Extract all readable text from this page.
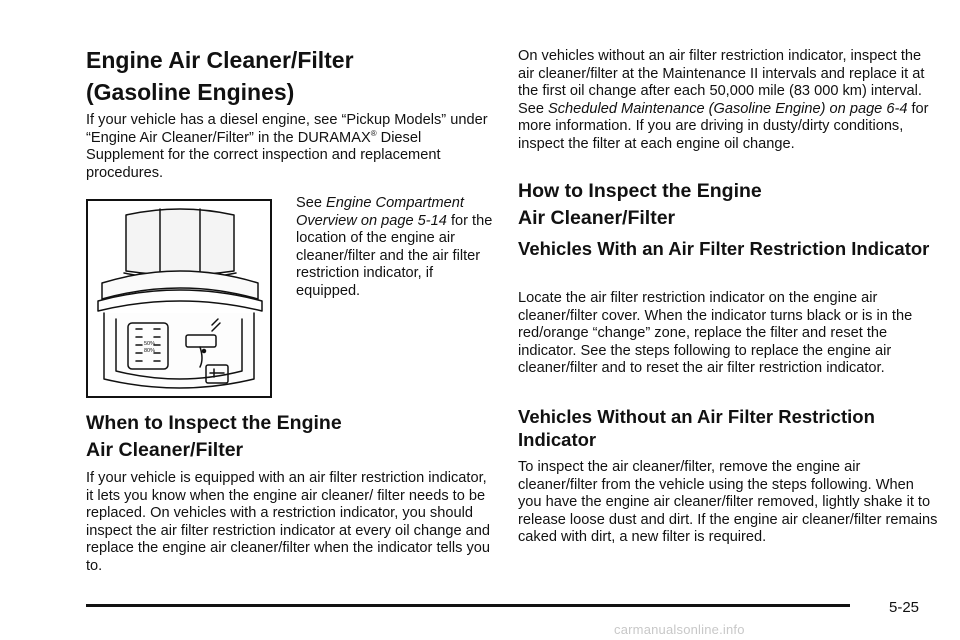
Engine Air Cleaner/Filter
(Gasoline Engines)

If your vehicle has a diesel engine, see “Pickup Models” under “Engine Air Cleaner/Filter” in the DURAMAX® Diesel Supplement for the correct inspection and replacement procedures.

See Engine Compartment Overview on page 5-14 for the location of the engine air cleaner/filter and the air filter restriction indicator, if equipped.

50%
80%
When to Inspect the Engine
Air Cleaner/Filter

If your vehicle is equipped with an air filter restriction indicator, it lets you know when the engine air cleaner/ filter needs to be replaced. On vehicles with a restriction indicator, you should inspect the air filter restriction indicator at every oil change and replace the engine air cleaner/filter when the indicator tells you to.

On vehicles without an air filter restriction indicator, inspect the air cleaner/filter at the Maintenance II intervals and replace it at the first oil change after each 50,000 mile (83 000 km) interval. See Scheduled Maintenance (Gasoline Engine) on page 6-4 for more information. If you are driving in dusty/dirty conditions, inspect the filter at each engine oil change.

How to Inspect the Engine
Air Cleaner/Filter
Vehicles With an Air Filter Restriction Indicator

Locate the air filter restriction indicator on the engine air cleaner/filter cover. When the indicator turns black or is in the red/orange “change” zone, replace the filter and reset the indicator. See the steps following to replace the engine air cleaner/filter and to reset the air filter restriction indicator.

Vehicles Without an Air Filter Restriction Indicator

To inspect the air cleaner/filter, remove the engine air cleaner/filter from the vehicle using the steps following. When you have the engine air cleaner/filter removed, lightly shake it to release loose dust and dirt. If the engine air cleaner/filter remains caked with dirt, a new filter is required.

5-25
carmanualsonline.info
